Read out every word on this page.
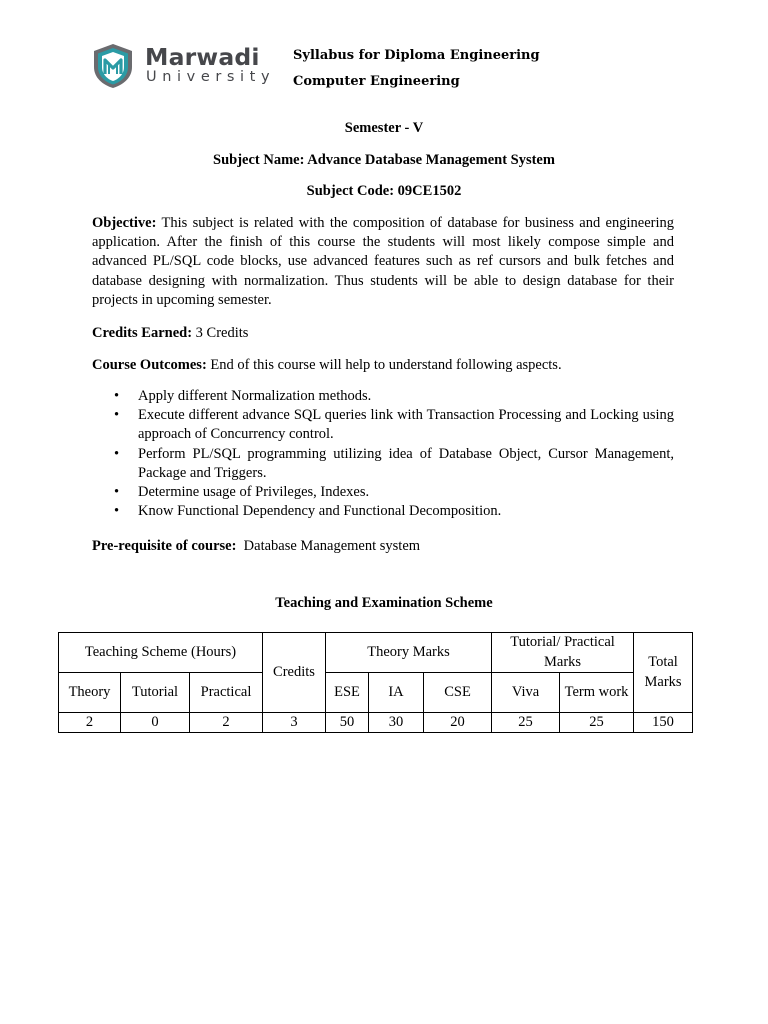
Marwadi
University
Syllabus for Diploma Engineering
Computer Engineering
Semester - V
Subject Name: Advance Database Management System
Subject Code: 09CE1502
Objective: This subject is related with the composition of database for business and engineering application. After the finish of this course the students will most likely compose simple and advanced PL/SQL code blocks, use advanced features such as ref cursors and bulk fetches and database designing with normalization. Thus students will be able to design database for their projects in upcoming semester.
Credits Earned: 3 Credits
Course Outcomes: End of this course will help to understand following aspects.
• Apply different Normalization methods.
• Execute different advance SQL queries link with Transaction Processing and Locking using approach of Concurrency control.
• Perform PL/SQL programming utilizing idea of Database Object, Cursor Management, Package and Triggers.
• Determine usage of Privileges, Indexes.
• Know Functional Dependency and Functional Decomposition.
Pre-requisite of course: Database Management system
Teaching and Examination Scheme
Teaching Scheme (Hours)			Credits	Theory Marks			Tutorial/ Practical Marks		Total Marks
Theory	Tutorial	Practical		ESE	IA	CSE	Viva	Term work	
2	0	2	3	50	30	20	25	25	150
